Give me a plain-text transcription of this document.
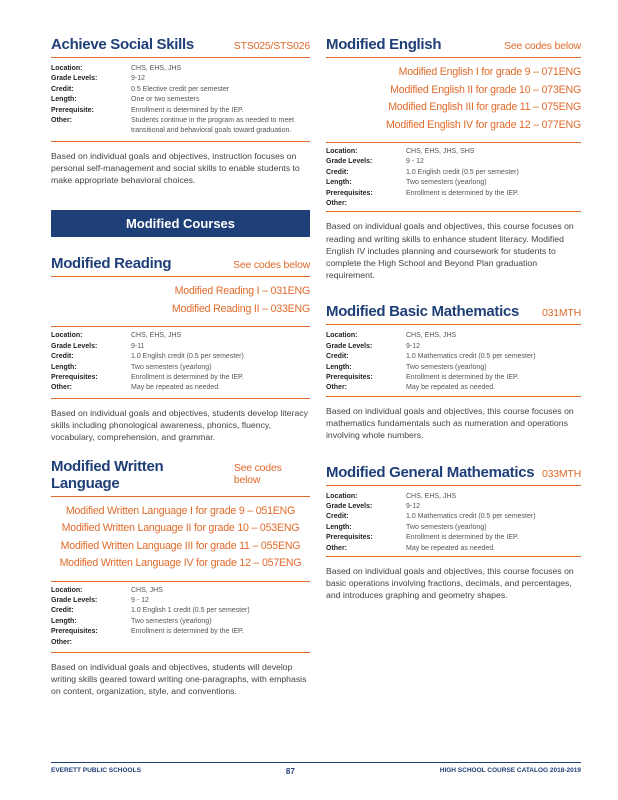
Achieve Social Skills	STS025/STS026
Location:	CHS, EHS, JHS
Grade Levels:	9-12
Credit:	0.5 Elective credit per semester
Length:	One or two semesters
Prerequisite:	Enrollment is determined by the IEP.
Other:	Students continue in the program as needed to meet transitional and behavioral goals toward graduation.
Based on individual goals and objectives, instruction focuses on personal self-management and social skills to enable students to make appropriate behavioral choices.
Modified Courses
Modified Reading	See codes below
Modified Reading I – 031ENG
Modified Reading II – 033ENG
Location:	CHS, EHS, JHS
Grade Levels:	9-11
Credit:	1.0 English credit (0.5 per semester)
Length:	Two semesters (yearlong)
Prerequisites:	Enrollment is determined by the IEP.
Other:	May be repeated as needed.
Based on individual goals and objectives, students develop literacy skills including phonological awareness, phonics, fluency, vocabulary, comprehension, and grammar.
Modified Written Language
See codes below
Modified Written Language I for grade 9 – 051ENG
Modified Written Language II for grade 10 – 053ENG
Modified Written Language III for grade 11 – 055ENG
Modified Written Language IV for grade 12 – 057ENG
Location:	CHS, JHS
Grade Levels:	9 - 12
Credit:	1.0 English 1 credit (0.5 per semester)
Length:	Two semesters (yearlong)
Prerequisites:	Enrollment is determined by the IEP.
Other:
Based on individual goals and objectives, students will develop writing skills geared toward writing one-paragraphs, with emphasis on content, organization, style, and conventions.
Modified English	See codes below
Modified English I for grade 9 – 071ENG
Modified English II for grade 10 – 073ENG
Modified English III for grade 11 – 075ENG
Modified English IV for grade 12 – 077ENG
Location:	CHS, EHS, JHS, SHS
Grade Levels:	9 - 12
Credit:	1.0 English credit (0.5 per semester)
Length:	Two semesters (yearlong)
Prerequisites:	Enrollment is determined by the IEP.
Other:
Based on individual goals and objectives, this course focuses on reading and writing skills to enhance student literacy. Modified English IV includes planning and coursework for students to complete the High School and Beyond Plan graduation requirement.
Modified Basic Mathematics 031MTH
Location:	CHS, EHS, JHS
Grade Levels:	9-12
Credit:	1.0 Mathematics credit (0.5 per semester)
Length:	Two semesters (yearlong)
Prerequisites:	Enrollment is determined by the IEP.
Other:	May be repeated as needed.
Based on individual goals and objectives, this course focuses on mathematics fundamentals such as numeration and operations involving whole numbers.
Modified General Mathematics 033MTH
Location:	CHS, EHS, JHS
Grade Levels:	9-12
Credit:	1.0 Mathematics credit (0.5 per semester)
Length:	Two semesters (yearlong)
Prerequisites:	Enrollment is determined by the IEP.
Other:	May be repeated as needed.
Based on individual goals and objectives, this course focuses on basic operations involving fractions, decimals, and percentages, and introduces graphing and geometry shapes.
EVERETT PUBLIC SCHOOLS	87	HIGH SCHOOL COURSE CATALOG 2018-2019
